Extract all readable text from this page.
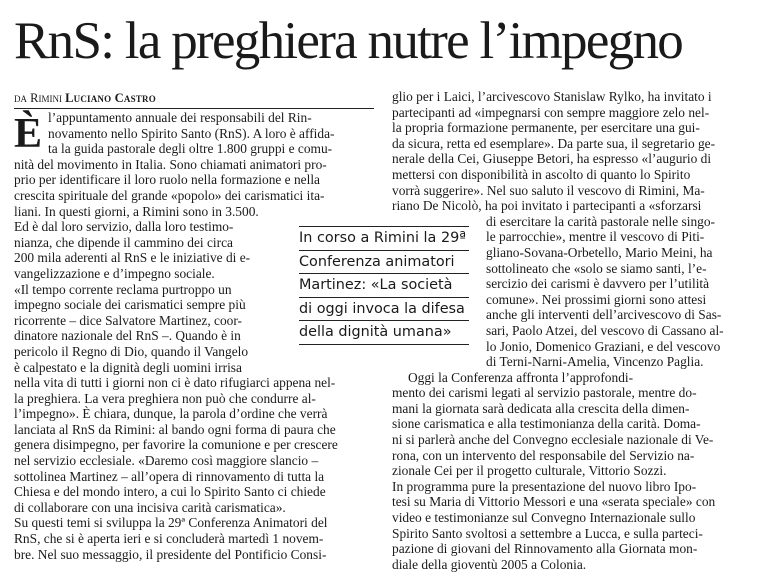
RnS: la preghiera nutre l’impegno
da Rimini Luciano Castro
È l’appuntamento annuale dei responsabili del Rin-
novamento nello Spirito Santo (RnS). A loro è affida-
ta la guida pastorale degli oltre 1.800 gruppi e comu-
nità del movimento in Italia. Sono chiamati animatori pro-
prio per identificare il loro ruolo nella formazione e nella
crescita spirituale del grande «popolo» dei carismatici ita-
liani. In questi giorni, a Rimini sono in 3.500.
Ed è dal loro servizio, dalla loro testimo-
nianza, che dipende il cammino dei circa
200 mila aderenti al RnS e le iniziative di e-
vangelizzazione e d’impegno sociale.
«Il tempo corrente reclama purtroppo un
impegno sociale dei carismatici sempre più
ricorrente – dice Salvatore Martinez, coor-
dinatore nazionale del RnS –. Quando è in
pericolo il Regno di Dio, quando il Vangelo
è calpestato e la dignità degli uomini irrisa
nella vita di tutti i giorni non ci è dato rifugiarci appena nel-
la preghiera. La vera preghiera non può che condurre al-
l’impegno». È chiara, dunque, la parola d’ordine che verrà
lanciata al RnS da Rimini: al bando ogni forma di paura che
genera disimpegno, per favorire la comunione e per crescere
nel servizio ecclesiale. «Daremo così maggiore slancio –
sottolinea Martinez – all’opera di rinnovamento di tutta la
Chiesa e del mondo intero, a cui lo Spirito Santo ci chiede
di collaborare con una incisiva carità carismatica».
Su questi temi si sviluppa la 29ª Conferenza Animatori del
RnS, che si è aperta ieri e si concluderà martedì 1 novem-
bre. Nel suo messaggio, il presidente del Pontificio Consi-
glio per i Laici, l’arcivescovo Stanislaw Rylko, ha invitato i
partecipanti ad «impegnarsi con sempre maggiore zelo nel-
la propria formazione permanente, per esercitare una gui-
da sicura, retta ed esemplare». Da parte sua, il segretario ge-
nerale della Cei, Giuseppe Betori, ha espresso «l’augurio di
mettersi con disponibilità in ascolto di quanto lo Spirito
vorrà suggerire». Nel suo saluto il vescovo di Rimini, Ma-
riano De Nicolò, ha poi invitato i partecipanti a «sforzarsi
di esercitare la carità pastorale nelle singo-
le parrocchie», mentre il vescovo di Piti-
gliano-Sovana-Orbetello, Mario Meini, ha
sottolineato che «solo se siamo santi, l’e-
sercizio dei carismi è davvero per l’utilità
comune». Nei prossimi giorni sono attesi
anche gli interventi dell’arcivescovo di Sas-
sari, Paolo Atzei, del vescovo di Cassano al-
lo Jonio, Domenico Graziani, e del vescovo
di Terni-Narni-Amelia, Vincenzo Paglia.
Oggi la Conferenza affronta l’approfondi-
mento dei carismi legati al servizio pastorale, mentre do-
mani la giornata sarà dedicata alla crescita della dimen-
sione carismatica e alla testimonianza della carità. Doma-
ni si parlerà anche del Convegno ecclesiale nazionale di Ve-
rona, con un intervento del responsabile del Servizio na-
zionale Cei per il progetto culturale, Vittorio Sozzi.
In programma pure la presentazione del nuovo libro Ipo-
tesi su Maria di Vittorio Messori e una «serata speciale» con
video e testimonianze sul Convegno Internazionale sullo
Spirito Santo svoltosi a settembre a Lucca, e sulla parteci-
pazione di giovani del Rinnovamento alla Giornata mon-
diale della gioventù 2005 a Colonia.
In corso a Rimini la 29ª
Conferenza animatori
Martinez: «La società
di oggi invoca la difesa
della dignità umana»
